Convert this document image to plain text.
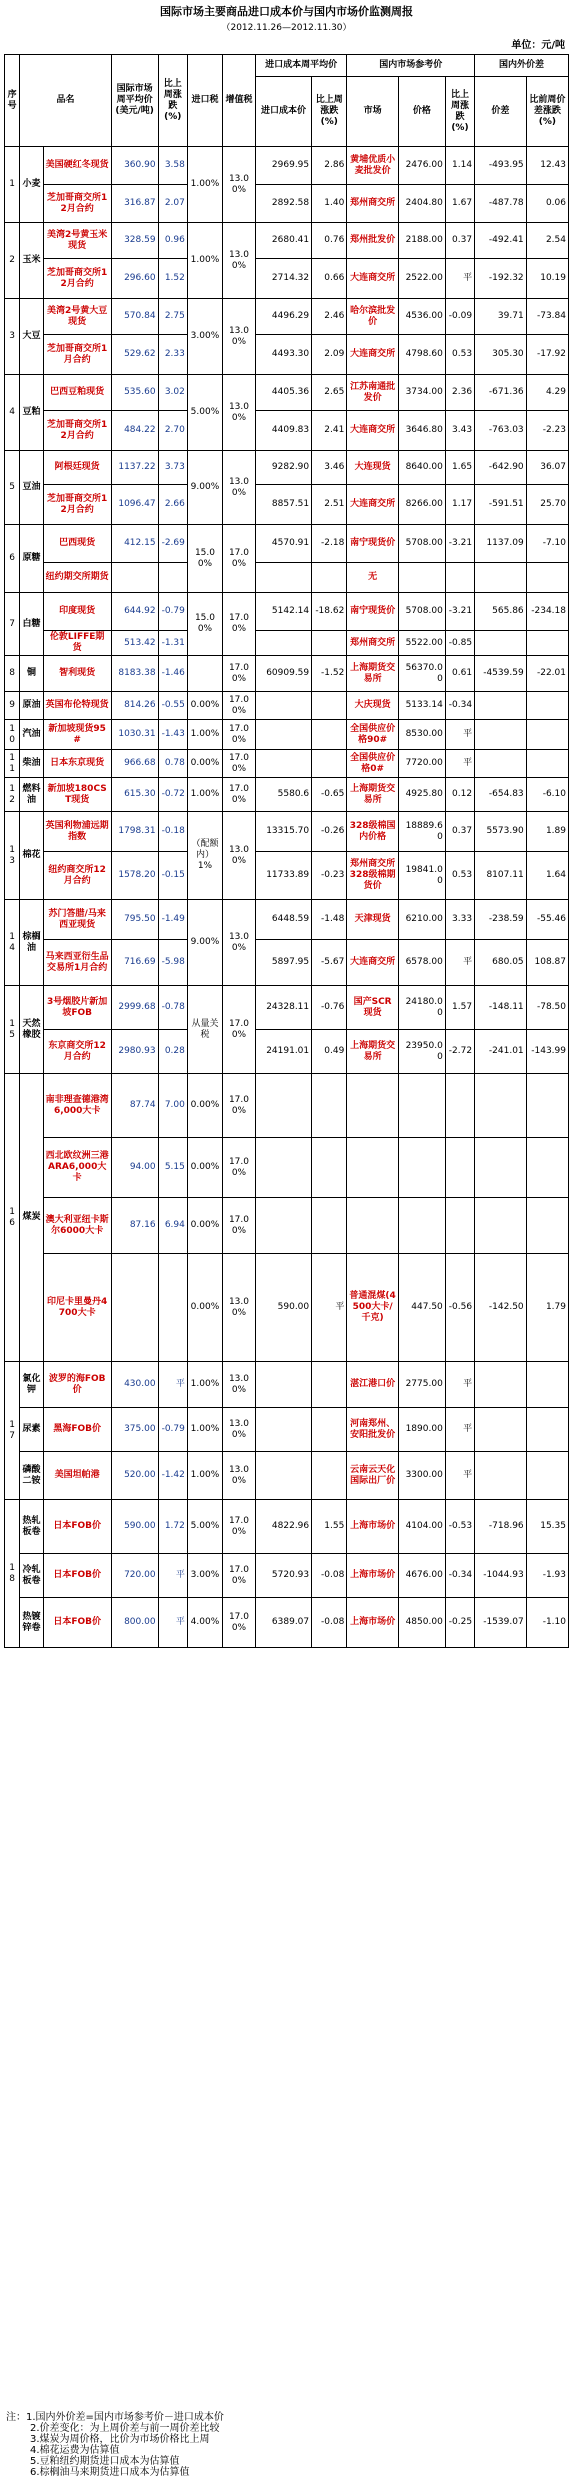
国际市场主要商品进口成本价与国内市场价监测周报
（2012.11.26—2012.11.30）
单位：元/吨
序号	品名		国际市场周平均价(美元/吨)	比上周涨跌(%)	进口税	增值税	进口成本周平均价		国内市场参考价			国内外价差	
							进口成本价	比上周涨跌(%)	市场	价格	比上周涨跌(%)	价差	比前周价差涨跌(%)
1	小麦	美国硬红冬现货	360.90	3.58	1.00%	13.00%	2969.95	2.86	黄埔优质小麦批发价	2476.00	1.14	-493.95	12.43
		芝加哥商交所12月合约	316.87	2.07			2892.58	1.40	郑州商交所	2404.80	1.67	-487.78	0.06
2	玉米	美湾2号黄玉米现货	328.59	0.96	1.00%	13.00%	2680.41	0.76	郑州批发价	2188.00	0.37	-492.41	2.54
		芝加哥商交所12月合约	296.60	1.52			2714.32	0.66	大连商交所	2522.00	平	-192.32	10.19
3	大豆	美湾2号黄大豆现货	570.84	2.75	3.00%	13.00%	4496.29	2.46	哈尔滨批发价	4536.00	-0.09	39.71	-73.84
		芝加哥商交所1月合约	529.62	2.33			4493.30	2.09	大连商交所	4798.60	0.53	305.30	-17.92
4	豆粕	巴西豆粕现货	535.60	3.02	5.00%	13.00%	4405.36	2.65	江苏南通批发价	3734.00	2.36	-671.36	4.29
		芝加哥商交所12月合约	484.22	2.70			4409.83	2.41	大连商交所	3646.80	3.43	-763.03	-2.23
5	豆油	阿根廷现货	1137.22	3.73	9.00%	13.00%	9282.90	3.46	大连现货	8640.00	1.65	-642.90	36.07
		芝加哥商交所12月合约	1096.47	2.66			8857.51	2.51	大连商交所	8266.00	1.17	-591.51	25.70
6	原糖	巴西现货	412.15	-2.69	15.00%	17.00%	4570.91	-2.18	南宁现货价	5708.00	-3.21	1137.09	-7.10
		纽约期交所期货							无				
7	白糖	印度现货	644.92	-0.79	15.00%	17.00%	5142.14	-18.62	南宁现货价	5708.00	-3.21	565.86	-234.18
		伦敦LIFFE期货	513.42	-1.31					郑州商交所	5522.00	-0.85		
8	铜	智利现货	8183.38	-1.46		17.00%	60909.59	-1.52	上海期货交易所	56370.00	0.61	-4539.59	-22.01
9	原油	英国布伦特现货	814.26	-0.55	0.00%	17.00%			大庆现货	5133.14	-0.34		
10	汽油	新加坡现货95#	1030.31	-1.43	1.00%	17.00%			全国供应价格90#	8530.00	平		
11	柴油	日本东京现货	966.68	0.78	0.00%	17.00%			全国供应价格0#	7720.00	平		
12	燃料油	新加坡180CST现货	615.30	-0.72	1.00%	17.00%	5580.6	-0.65	上海期货交易所	4925.80	0.12	-654.83	-6.10
13	棉花	英国利物浦远期指数	1798.31	-0.18	（配额内）1%	13.00%	13315.70	-0.26	328级棉国内价格	18889.60	0.37	5573.90	1.89
		纽约商交所12月合约	1578.20	-0.15			11733.89	-0.23	郑州商交所328级棉期货价	19841.00	0.53	8107.11	1.64
14	棕榈油	苏门答腊/马来西亚现货	795.50	-1.49	9.00%	13.00%	6448.59	-1.48	天津现货	6210.00	3.33	-238.59	-55.46
		马来西亚衍生品交易所1月合约	716.69	-5.98			5897.95	-5.67	大连商交所	6578.00	平	680.05	108.87
15	天然橡胶	3号烟胶片新加坡FOB	2999.68	-0.78	从量关税	17.00%	24328.11	-0.76	国产SCR现货	24180.00	1.57	-148.11	-78.50
		东京商交所12月合约	2980.93	0.28			24191.01	0.49	上海期货交易所	23950.00	-2.72	-241.01	-143.99
16	煤炭	南非理查德港湾6,000大卡	87.74	7.00	0.00%	17.00%							
		西北欧纹洲三港ARA6,000大卡	94.00	5.15	0.00%	17.00%							
		澳大利亚纽卡斯尔6000大卡	87.16	6.94	0.00%	17.00%							
		印尼卡里曼丹4700大卡			0.00%	13.00%	590.00	平	普通混煤(4500大卡/千克)	447.50	-0.56	-142.50	1.79
17	氯化钾	波罗的海FOB价	430.00	平	1.00%	13.00%			湛江港口价	2775.00	平		
	尿素	黑海FOB价	375.00	-0.79	1.00%	13.00%			河南郑州、安阳批发价	1890.00	平		
	磷酸二铵	美国坦帕港	520.00	-1.42	1.00%	13.00%			云南云天化国际出厂价	3300.00	平		
18	热轧板卷	日本FOB价	590.00	1.72	5.00%	17.00%	4822.96	1.55	上海市场价	4104.00	-0.53	-718.96	15.35
	冷轧板卷	日本FOB价	720.00	平	3.00%	17.00%	5720.93	-0.08	上海市场价	4676.00	-0.34	-1044.93	-1.93
	热镀锌卷	日本FOB价	800.00	平	4.00%	17.00%	6389.07	-0.08	上海市场价	4850.00	-0.25	-1539.07	-1.10
注：1.国内外价差=国内市场参考价－进口成本价
2.价差变化：为上周价差与前一周价差比较
3.煤炭为周价格，比价为市场价格比上周
4.棉花运费为估算值
5.豆粕纽约期货进口成本为估算值
6.棕榈油马来期货进口成本为估算值
